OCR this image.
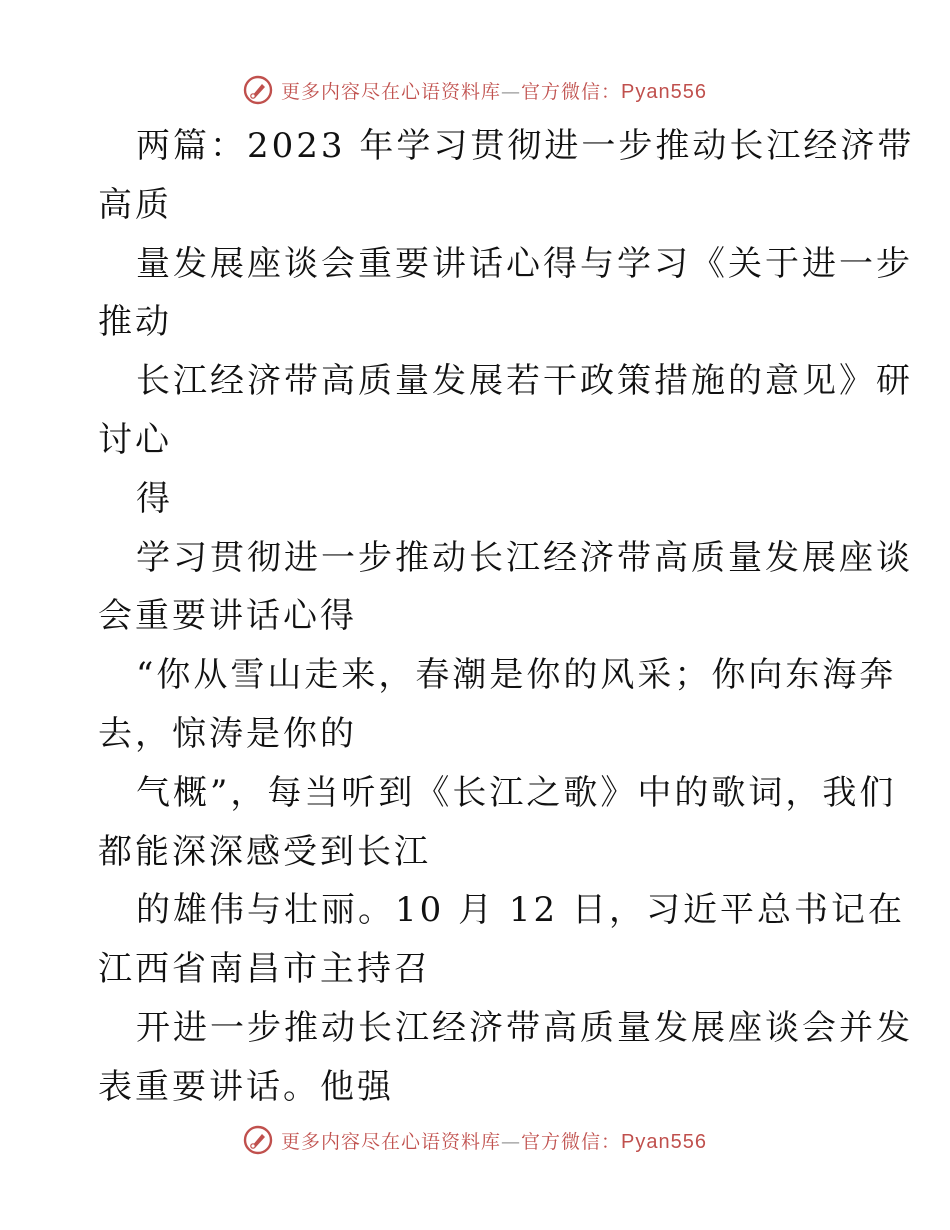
更多内容尽在心语资料库—官方微信：Pyan556
两篇：2023 年学习贯彻进一步推动长江经济带
高质
量发展座谈会重要讲话心得与学习《关于进一步
推动
长江经济带高质量发展若干政策措施的意见》研
讨心
得
学习贯彻进一步推动长江经济带高质量发展座谈
会重要讲话心得
“你从雪山走来，春潮是你的风采；你向东海奔
去，惊涛是你的
气概”，每当听到《长江之歌》中的歌词，我们
都能深深感受到长江
的雄伟与壮丽。10 月 12 日，习近平总书记在
江西省南昌市主持召
开进一步推动长江经济带高质量发展座谈会并发
表重要讲话。他强
更多内容尽在心语资料库—官方微信：Pyan556
